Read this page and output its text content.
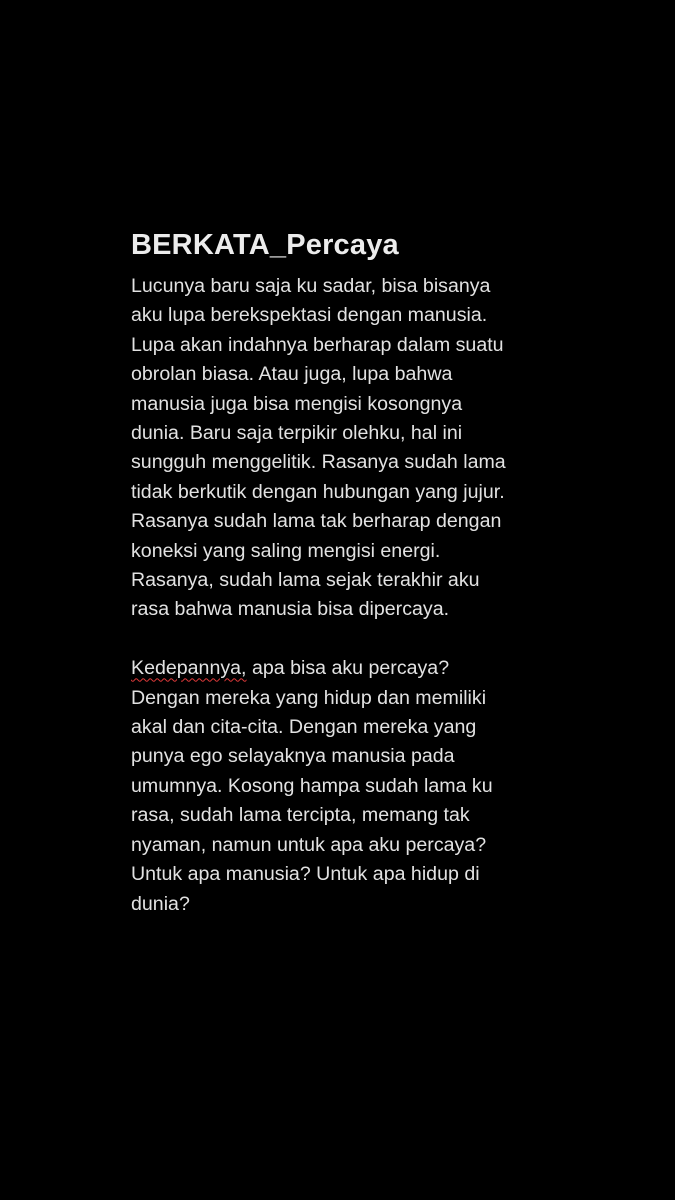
BERKATA_Percaya
Lucunya baru saja ku sadar, bisa bisanya
aku lupa berekspektasi dengan manusia.
Lupa akan indahnya berharap dalam suatu
obrolan biasa. Atau juga, lupa bahwa
manusia juga bisa mengisi kosongnya
dunia. Baru saja terpikir olehku, hal ini
sungguh menggelitik. Rasanya sudah lama
tidak berkutik dengan hubungan yang jujur.
Rasanya sudah lama tak berharap dengan
koneksi yang saling mengisi energi.
Rasanya, sudah lama sejak terakhir aku
rasa bahwa manusia bisa dipercaya.
Kedepannya, apa bisa aku percaya?
Dengan mereka yang hidup dan memiliki
akal dan cita-cita. Dengan mereka yang
punya ego selayaknya manusia pada
umumnya. Kosong hampa sudah lama ku
rasa, sudah lama tercipta, memang tak
nyaman, namun untuk apa aku percaya?
Untuk apa manusia? Untuk apa hidup di
dunia?
